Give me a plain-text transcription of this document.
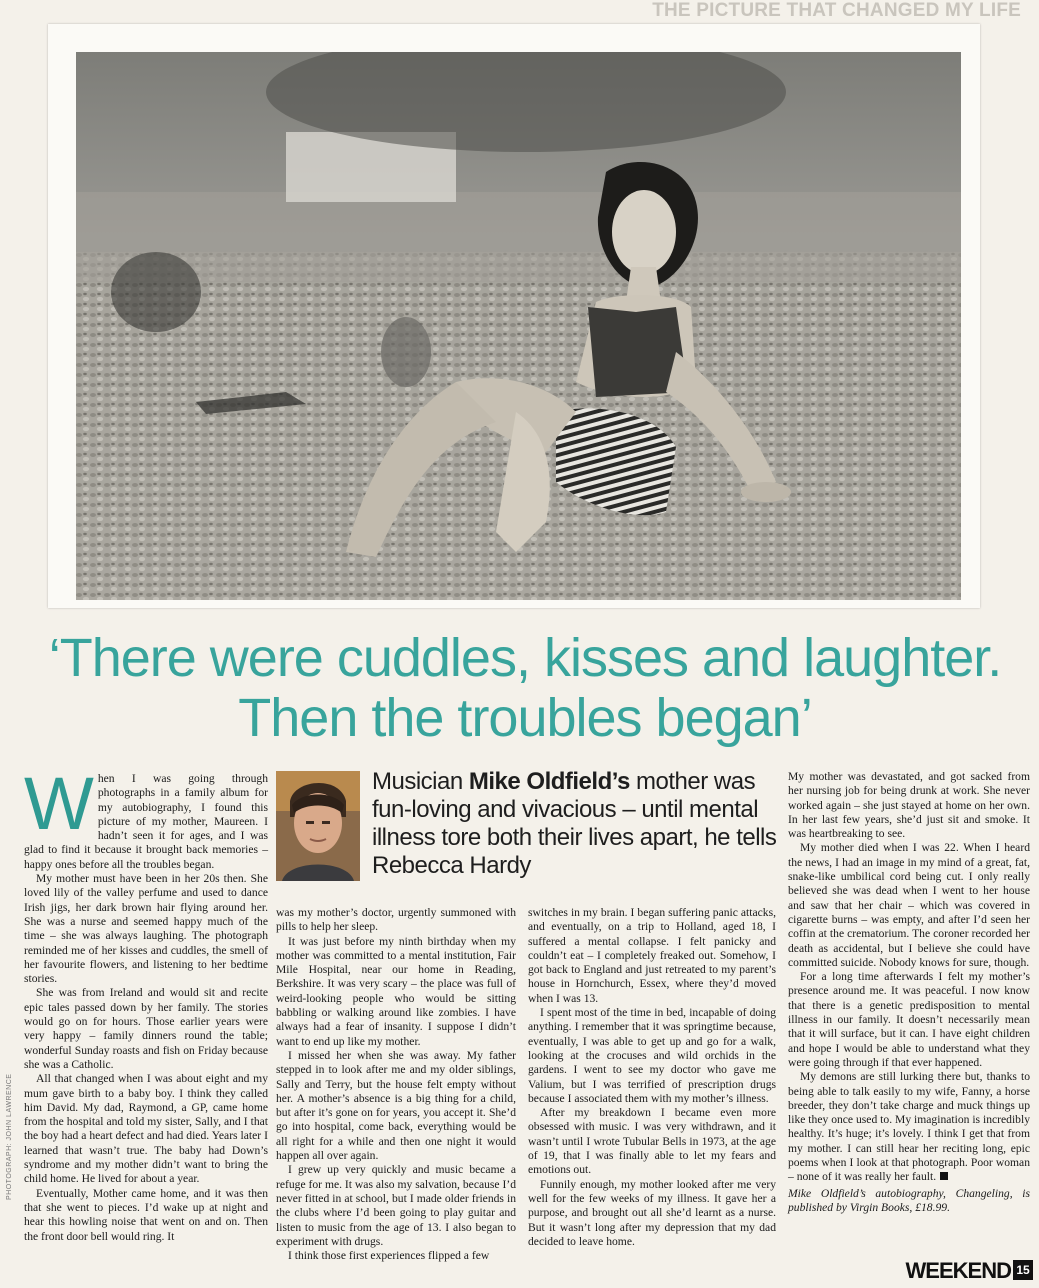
THE PICTURE THAT CHANGED MY LIFE
PHOTOGRAPH: JOHN LAWRENCE
‘There were cuddles, kisses and laughter. Then the troubles began’
W hen I was going through photographs in a family album for my autobiography, I found this picture of my mother, Maureen. I hadn’t seen it for ages, and I was glad to find it because it brought back memories – happy ones before all the troubles began.

My mother must have been in her 20s then. She loved lily of the valley perfume and used to dance Irish jigs, her dark brown hair flying around her. She was a nurse and seemed happy much of the time – she was always laughing. The photograph reminded me of her kisses and cuddles, the smell of her favourite flowers, and listening to her bedtime stories.

She was from Ireland and would sit and recite epic tales passed down by her family. The stories would go on for hours. Those earlier years were very happy – family dinners round the table; wonderful Sunday roasts and fish on Friday because she was a Catholic.

All that changed when I was about eight and my mum gave birth to a baby boy. I think they called him David. My dad, Raymond, a GP, came home from the hospital and told my sister, Sally, and I that the boy had a heart defect and had died. Years later I learned that wasn’t true. The baby had Down’s syndrome and my mother didn’t want to bring the child home. He lived for about a year.

Eventually, Mother came home, and it was then that she went to pieces. I’d wake up at night and hear this howling noise that went on and on. Then the front door bell would ring. It

Musician Mike Oldfield’s mother was fun-loving and vivacious – until mental illness tore both their lives apart, he tells Rebecca Hardy

was my mother’s doctor, urgently summoned with pills to help her sleep.

It was just before my ninth birthday when my mother was committed to a mental institution, Fair Mile Hospital, near our home in Reading, Berkshire. It was very scary – the place was full of weird-looking people who would be sitting babbling or walking around like zombies. I have always had a fear of insanity. I suppose I didn’t want to end up like my mother.

I missed her when she was away. My father stepped in to look after me and my older siblings, Sally and Terry, but the house felt empty without her. A mother’s absence is a big thing for a child, but after it’s gone on for years, you accept it. She’d go into hospital, come back, everything would be all right for a while and then one night it would happen all over again.

I grew up very quickly and music became a refuge for me. It was also my salvation, because I’d never fitted in at school, but I made older friends in the clubs where I’d been going to play guitar and listen to music from the age of 13. I also began to experiment with drugs.

I think those first experiences flipped a few

switches in my brain. I began suffering panic attacks, and eventually, on a trip to Holland, aged 18, I suffered a mental collapse. I felt panicky and couldn’t eat – I completely freaked out. Somehow, I got back to England and just retreated to my parent’s house in Hornchurch, Essex, where they’d moved when I was 13.

I spent most of the time in bed, incapable of doing anything. I remember that it was springtime because, eventually, I was able to get up and go for a walk, looking at the crocuses and wild orchids in the gardens. I went to see my doctor who gave me Valium, but I was terrified of prescription drugs because I associated them with my mother’s illness.

After my breakdown I became even more obsessed with music. I was very withdrawn, and it wasn’t until I wrote Tubular Bells in 1973, at the age of 19, that I was finally able to let my fears and emotions out.

Funnily enough, my mother looked after me very well for the few weeks of my illness. It gave her a purpose, and brought out all she’d learnt as a nurse. But it wasn’t long after my depression that my dad decided to leave home.

My mother was devastated, and got sacked from her nursing job for being drunk at work. She never worked again – she just stayed at home on her own. In her last few years, she’d just sit and smoke. It was heartbreaking to see.

My mother died when I was 22. When I heard the news, I had an image in my mind of a great, fat, snake-like umbilical cord being cut. I only really believed she was dead when I went to her house and saw that her chair – which was covered in cigarette burns – was empty, and after I’d seen her coffin at the crematorium. The coroner recorded her death as accidental, but I believe she could have committed suicide. Nobody knows for sure, though.

For a long time afterwards I felt my mother’s presence around me. It was peaceful. I now know that there is a genetic predisposition to mental illness in our family. It doesn’t necessarily mean that it will surface, but it can. I have eight children and hope I would be able to understand what they were going through if that ever happened.

My demons are still lurking there but, thanks to being able to talk easily to my wife, Fanny, a horse breeder, they don’t take charge and muck things up like they once used to. My imagination is incredibly healthy. It’s huge; it’s lovely. I think I get that from my mother. I can still hear her reciting long, epic poems when I look at that photograph. Poor woman – none of it was really her fault.

Mike Oldfield’s autobiography, Changeling, is published by Virgin Books, £18.99.

WEEKEND 15
